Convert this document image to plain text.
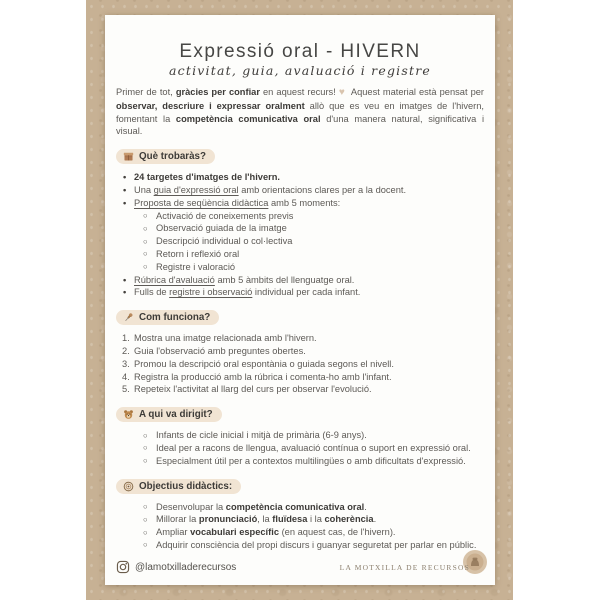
Expressió oral - HIVERN
activitat, guia, avaluació i registre

Primer de tot, gràcies per confiar en aquest recurs! ♥  Aquest material està pensat per observar, descriure i expressar oralment allò que es veu en imatges de l'hivern, fomentant la competència comunicativa oral d'una manera natural, significativa i visual.

Què trobaràs?
• 24 targetes d'imatges de l'hivern.
• Una guia d'expressió oral amb orientacions clares per a la docent.
• Proposta de seqüència didàctica amb 5 moments:
○ Activació de coneixements previs
○ Observació guiada de la imatge
○ Descripció individual o col·lectiva
○ Retorn i reflexió oral
○ Registre i valoració
• Rúbrica d'avaluació amb 5 àmbits del llenguatge oral.
• Fulls de registre i observació individual per cada infant.
Com funciona?
1. Mostra una imatge relacionada amb l'hivern.
2. Guia l'observació amb preguntes obertes.
3. Promou la descripció oral espontània o guiada segons el nivell.
4. Registra la producció amb la rúbrica i comenta-ho amb l'infant.
5. Repeteix l'activitat al llarg del curs per observar l'evolució.
A qui va dirigit?
○ Infants de cicle inicial i mitjà de primària (6-9 anys).
○ Ideal per a racons de llengua, avaluació contínua o suport en expressió oral.
○ Especialment útil per a contextos multilingües o amb dificultats d'expressió.
Objectius didàctics:
○ Desenvolupar la competència comunicativa oral.
○ Millorar la pronunciació, la fluïdesa i la coherència.
○ Ampliar vocabulari específic (en aquest cas, de l'hivern).
○ Adquirir consciència del propi discurs i guanyar seguretat per parlar en públic.
@lamotxilladerecursos	LA MOTXILLA DE RECURSOS
